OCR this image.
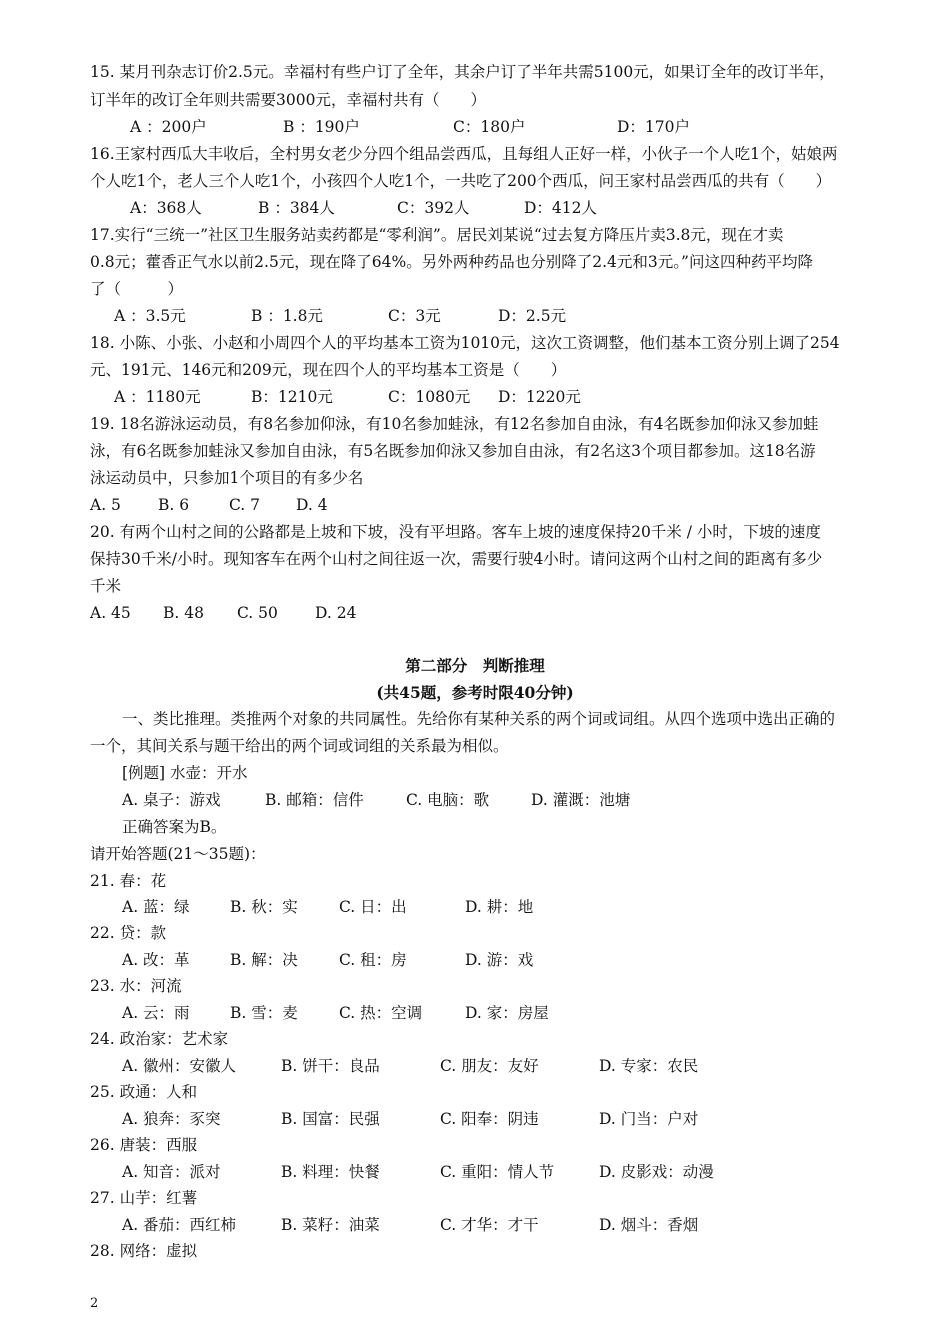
15. 某月刊杂志订价2.5元。幸福村有些户订了全年，其余户订了半年共需5100元，如果订全年的改订半年，
订半年的改订全年则共需要3000元，幸福村共有（　　）
A ：200户	B ：190户	C：180户	D：170户
16.王家村西瓜大丰收后，全村男女老少分四个组品尝西瓜，且每组人正好一样，小伙子一个人吃1个，姑娘两
个人吃1个，老人三个人吃1个，小孩四个人吃1个，一共吃了200个西瓜，问王家村品尝西瓜的共有（　　）
A：368人	B ：384人	C：392人	D：412人
17.实行“三统一”社区卫生服务站卖药都是“零利润”。居民刘某说“过去复方降压片卖3.8元，现在才卖
0.8元；藿香正气水以前2.5元，现在降了64%。另外两种药品也分别降了2.4元和3元。”问这四种药平均降
了（　　　）
A ：3.5元	B ：1.8元	C：3元	D：2.5元
18. 小陈、小张、小赵和小周四个人的平均基本工资为1010元，这次工资调整，他们基本工资分别上调了254
元、191元、146元和209元，现在四个人的平均基本工资是（　　）
A ：1180元	B：1210元	C：1080元 D：1220元
19. 18名游泳运动员，有8名参加仰泳，有10名参加蛙泳，有12名参加自由泳，有4名既参加仰泳又参加蛙
泳，有6名既参加蛙泳又参加自由泳，有5名既参加仰泳又参加自由泳，有2名这3个项目都参加。这18名游
泳运动员中，只参加1个项目的有多少名
A. 5 B. 6	C. 7 D. 4
20. 有两个山村之间的公路都是上坡和下坡，没有平坦路。客车上坡的速度保持20千米 / 小时，下坡的速度
保持30千米/小时。现知客车在两个山村之间往返一次，需要行驶4小时。请问这两个山村之间的距离有多少
千米
A. 45 B. 48 C. 50 D. 24
第二部分　判断推理
(共45题，参考时限40分钟)
一、类比推理。类推两个对象的共同属性。先给你有某种关系的两个词或词组。从四个选项中选出正确的
一个，其间关系与题干给出的两个词或词组的关系最为相似。
[例题] 水壶：开水
A. 桌子：游戏	B. 邮箱：信件	C. 电脑：歌	D. 灌溉：池塘
正确答案为B。
请开始答题(21～35题)：
21. 春：花
A. 蓝：绿	B. 秋：实	C. 日：出	D. 耕：地
22. 贷：款
A. 改：革	B. 解：决	C. 租：房	D. 游：戏
23. 水：河流
A. 云：雨	B. 雪：麦	C. 热：空调	D. 家：房屋
24. 政治家：艺术家
A. 徽州：安徽人	B. 饼干：良品	C. 朋友：友好	D. 专家：农民
25. 政通：人和
A. 狼奔：豕突	B. 国富：民强	C. 阳奉：阴违	D. 门当：户对
26. 唐装：西服
A. 知音：派对	B. 料理：快餐	C. 重阳：情人节	D. 皮影戏：动漫
27. 山芋：红薯
A. 番茄：西红柿	B. 菜籽：油菜	C. 才华：才干	D. 烟斗：香烟
28. 网络：虚拟
2
